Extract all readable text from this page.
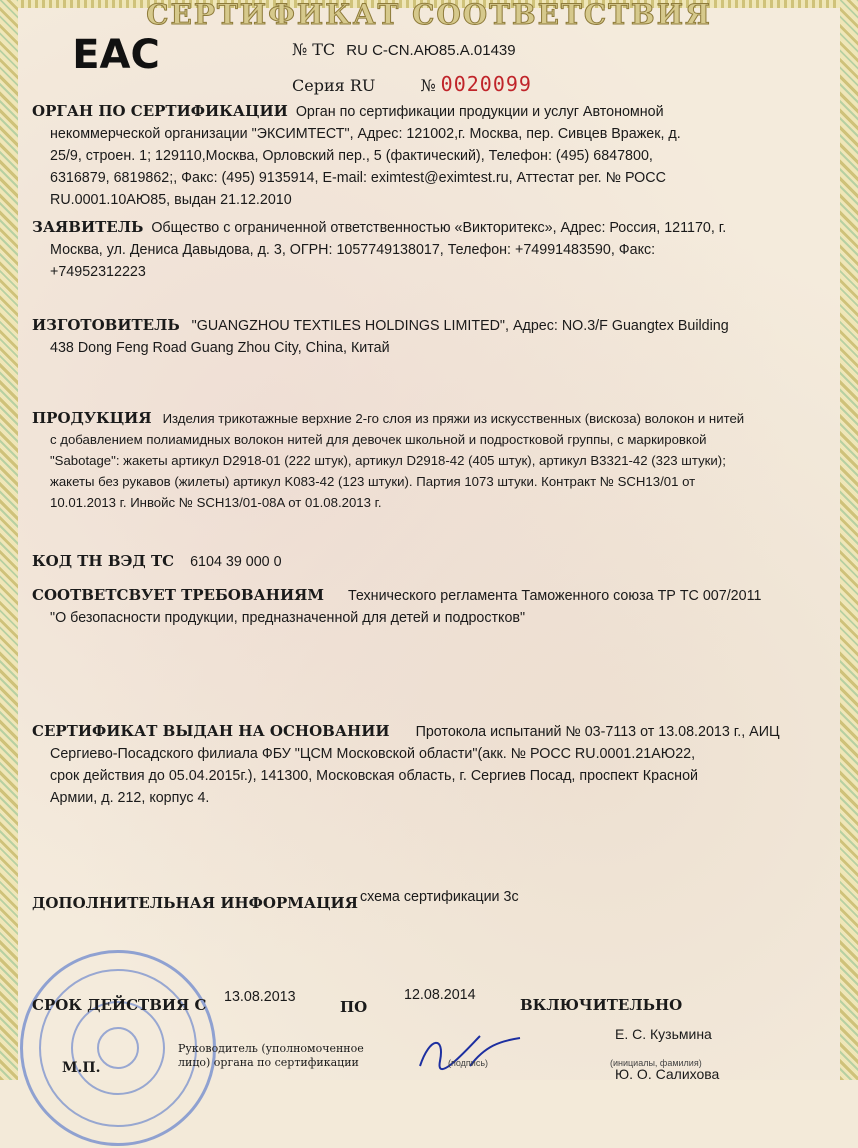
СЕРТИФИКАТ СООТВЕТСТВИЯ
EAC	№ ТС RU C-CN.АЮ85.А.01439
Серия RU	№ 0020099
ОРГАН ПО СЕРТИФИКАЦИИ Орган по сертификации продукции и услуг Автономной
некоммерческой организации "ЭКСИМТЕСТ", Адрес: 121002,г. Москва, пер. Сивцев Вражек, д.
25/9, строен. 1; 129110,Москва, Орловский пер., 5 (фактический), Телефон: (495) 6847800,
6316879, 6819862;, Факс: (495) 9135914, E-mail: eximtest@eximtest.ru, Аттестат рег. № РОСС
RU.0001.10АЮ85, выдан 21.12.2010
ЗАЯВИТЕЛЬ Общество с ограниченной ответственностью «Викторитекс», Адрес: Россия, 121170, г.
Москва, ул. Дениса Давыдова, д. 3, ОГРН: 1057749138017, Телефон: +74991483590, Факс:
+74952312223
ИЗГОТОВИТЕЛЬ "GUANGZHOU TEXTILES HOLDINGS LIMITED", Адрес: NO.3/F Guangtex Building
438 Dong Feng Road Guang Zhou City, China, Китай
ПРОДУКЦИЯ Изделия трикотажные верхние 2-го слоя из пряжи из искусственных (вискоза) волокон и нитей
с добавлением полиамидных волокон нитей для девочек школьной и подростковой группы, с маркировкой
"Sabotage": жакеты артикул D2918-01 (222 штук), артикул D2918-42 (405 штук), артикул B3321-42 (323 штуки);
жакеты без рукавов (жилеты) артикул K083-42 (123 штуки). Партия 1073 штуки. Контракт № SCH13/01 от
10.01.2013 г. Инвойс № SCH13/01-08A от 01.08.2013 г.
КОД ТН ВЭД ТС 6104 39 000 0
СООТВЕТСВУЕТ ТРЕБОВАНИЯМ Технического регламента Таможенного союза ТР ТС 007/2011
"О безопасности продукции, предназначенной для детей и подростков"
СЕРТИФИКАТ ВЫДАН НА ОСНОВАНИИ Протокола испытаний № 03-7113 от 13.08.2013 г., АИЦ
Сергиево-Посадского филиала ФБУ "ЦСМ Московской области"(акк. № РОСС RU.0001.21АЮ22,
срок действия до 05.04.2015г.), 141300, Московская область, г. Сергиев Посад, проспект Красной
Армии, д. 212, корпус 4.
ДОПОЛНИТЕЛЬНАЯ ИНФОРМАЦИЯ схема сертификации 3с
СРОК ДЕЙСТВИЯ С	13.08.2013
ПО
12.08.2014
ВКЛЮЧИТЕЛЬНО
Руководитель (уполномоченное лицо) органа по сертификации
М.П.	(подпись)
Е. С. Кузьмина
(инициалы, фамилия)
Ю. О. Салихова
